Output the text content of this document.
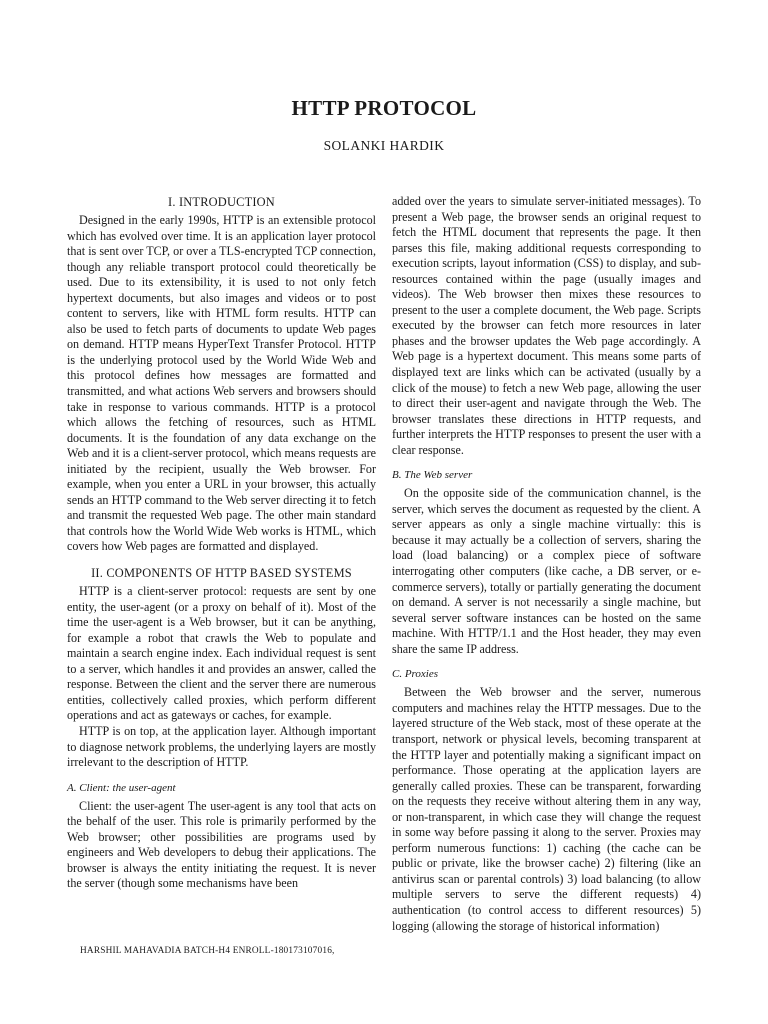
HTTP PROTOCOL
SOLANKI HARDIK
I. INTRODUCTION

Designed in the early 1990s, HTTP is an extensible protocol which has evolved over time. It is an application layer protocol that is sent over TCP, or over a TLS-encrypted TCP connection, though any reliable transport protocol could theoretically be used. Due to its extensibility, it is used to not only fetch hypertext documents, but also images and videos or to post content to servers, like with HTML form results. HTTP can also be used to fetch parts of documents to update Web pages on demand. HTTP means HyperText Transfer Protocol. HTTP is the underlying protocol used by the World Wide Web and this protocol defines how messages are formatted and transmitted, and what actions Web servers and browsers should take in response to various commands. HTTP is a protocol which allows the fetching of resources, such as HTML documents. It is the foundation of any data exchange on the Web and it is a client-server protocol, which means requests are initiated by the recipient, usually the Web browser. For example, when you enter a URL in your browser, this actually sends an HTTP command to the Web server directing it to fetch and transmit the requested Web page. The other main standard that controls how the World Wide Web works is HTML, which covers how Web pages are formatted and displayed.

II. COMPONENTS OF HTTP BASED SYSTEMS

HTTP is a client-server protocol: requests are sent by one entity, the user-agent (or a proxy on behalf of it). Most of the time the user-agent is a Web browser, but it can be anything, for example a robot that crawls the Web to populate and maintain a search engine index. Each individual request is sent to a server, which handles it and provides an answer, called the response. Between the client and the server there are numerous entities, collectively called proxies, which perform different operations and act as gateways or caches, for example.

HTTP is on top, at the application layer. Although important to diagnose network problems, the underlying layers are mostly irrelevant to the description of HTTP.

A. Client: the user-agent

Client: the user-agent The user-agent is any tool that acts on the behalf of the user. This role is primarily performed by the Web browser; other possibilities are programs used by engineers and Web developers to debug their applications. The browser is always the entity initiating the request. It is never the server (though some mechanisms have been

added over the years to simulate server-initiated messages). To present a Web page, the browser sends an original request to fetch the HTML document that represents the page. It then parses this file, making additional requests corresponding to execution scripts, layout information (CSS) to display, and sub-resources contained within the page (usually images and videos). The Web browser then mixes these resources to present to the user a complete document, the Web page. Scripts executed by the browser can fetch more resources in later phases and the browser updates the Web page accordingly. A Web page is a hypertext document. This means some parts of displayed text are links which can be activated (usually by a click of the mouse) to fetch a new Web page, allowing the user to direct their user-agent and navigate through the Web. The browser translates these directions in HTTP requests, and further interprets the HTTP responses to present the user with a clear response.

B. The Web server

On the opposite side of the communication channel, is the server, which serves the document as requested by the client. A server appears as only a single machine virtually: this is because it may actually be a collection of servers, sharing the load (load balancing) or a complex piece of software interrogating other computers (like cache, a DB server, or e-commerce servers), totally or partially generating the document on demand. A server is not necessarily a single machine, but several server software instances can be hosted on the same machine. With HTTP/1.1 and the Host header, they may even share the same IP address.

C. Proxies

Between the Web browser and the server, numerous computers and machines relay the HTTP messages. Due to the layered structure of the Web stack, most of these operate at the transport, network or physical levels, becoming transparent at the HTTP layer and potentially making a significant impact on performance. Those operating at the application layers are generally called proxies. These can be transparent, forwarding on the requests they receive without altering them in any way, or non-transparent, in which case they will change the request in some way before passing it along to the server. Proxies may perform numerous functions: 1) caching (the cache can be public or private, like the browser cache) 2) filtering (like an antivirus scan or parental controls) 3) load balancing (to allow multiple servers to serve the different requests) 4) authentication (to control access to different resources) 5) logging (allowing the storage of historical information)

HARSHIL MAHAVADIA BATCH-H4 ENROLL-180173107016,
